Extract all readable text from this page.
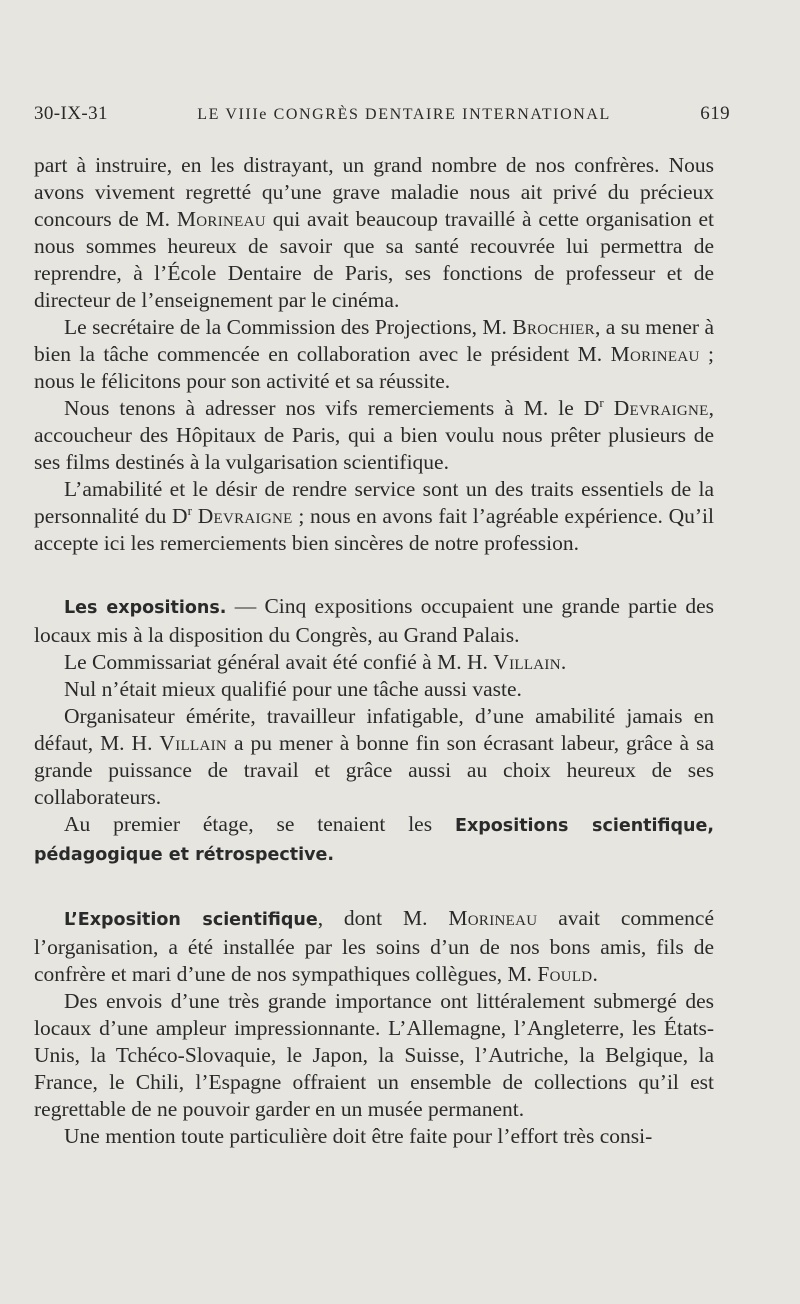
30-IX-31	LE VIIIe CONGRÈS DENTAIRE INTERNATIONAL	619

part à instruire, en les distrayant, un grand nombre de nos confrères. Nous avons vivement regretté qu’une grave maladie nous ait privé du précieux concours de M. Morineau qui avait beaucoup travaillé à cette organisation et nous sommes heureux de savoir que sa santé recouvrée lui permettra de reprendre, à l’École Dentaire de Paris, ses fonctions de professeur et de directeur de l’enseignement par le cinéma.

Le secrétaire de la Commission des Projections, M. Brochier, a su mener à bien la tâche commencée en collaboration avec le président M. Morineau ; nous le félicitons pour son activité et sa réussite.

Nous tenons à adresser nos vifs remerciements à M. le $D^r$ Devraigne, accoucheur des Hôpitaux de Paris, qui a bien voulu nous prêter plusieurs de ses films destinés à la vulgarisation scientifique.

L’amabilité et le désir de rendre service sont un des traits essentiels de la personnalité du $D^r$ Devraigne ; nous en avons fait l’agréable expérience. Qu’il accepte ici les remerciements bien sincères de notre profession.

Les expositions. — Cinq expositions occupaient une grande partie des locaux mis à la disposition du Congrès, au Grand Palais.

Le Commissariat général avait été confié à M. H. Villain.

Nul n’était mieux qualifié pour une tâche aussi vaste.

Organisateur émérite, travailleur infatigable, d’une amabilité jamais en défaut, M. H. Villain a pu mener à bonne fin son écrasant labeur, grâce à sa grande puissance de travail et grâce aussi au choix heureux de ses collaborateurs.

Au premier étage, se tenaient les Expositions scientifique, pédagogique et rétrospective.

L’Exposition scientifique, dont M. Morineau avait commencé l’organisation, a été installée par les soins d’un de nos bons amis, fils de confrère et mari d’une de nos sympathiques collègues, M. Fould.

Des envois d’une très grande importance ont littéralement submergé des locaux d’une ampleur impressionnante. L’Allemagne, l’Angleterre, les États-Unis, la Tchéco-Slovaquie, le Japon, la Suisse, l’Autriche, la Belgique, la France, le Chili, l’Espagne offraient un ensemble de collections qu’il est regrettable de ne pouvoir garder en un musée permanent.

Une mention toute particulière doit être faite pour l’effort très consi-
